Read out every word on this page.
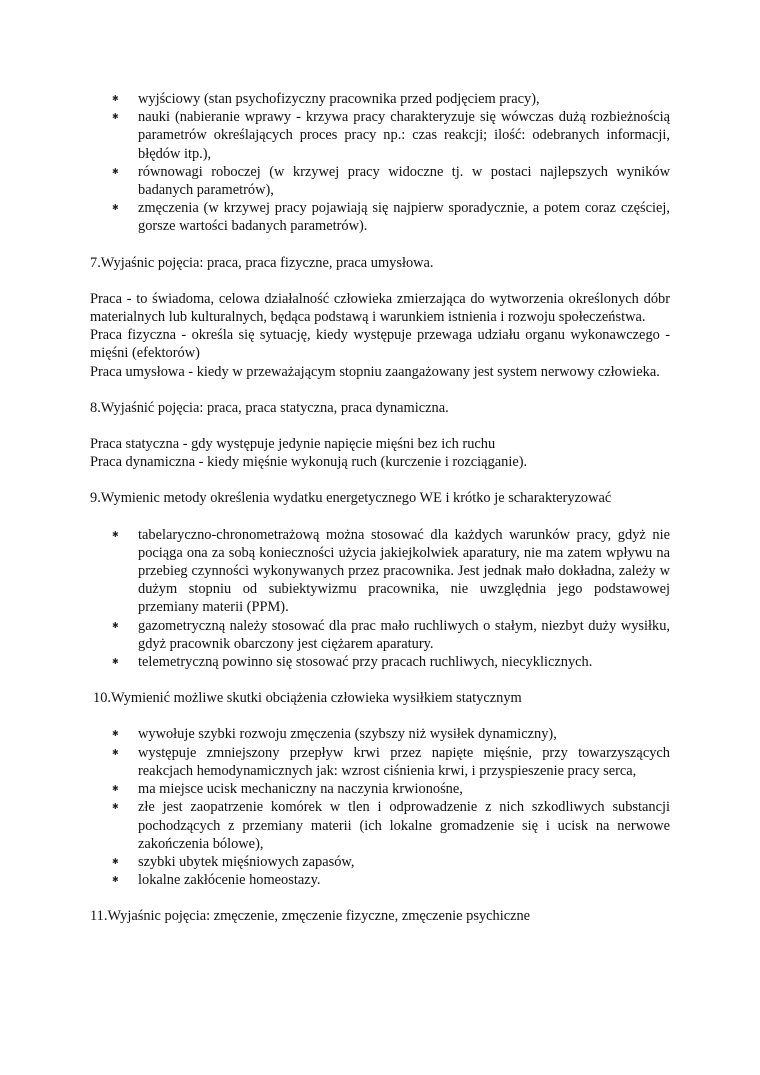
✱ wyjściowy (stan psychofizyczny pracownika przed podjęciem pracy),
✱ nauki (nabieranie wprawy - krzywa pracy charakteryzuje się wówczas dużą rozbieżnością parametrów określających proces pracy np.: czas reakcji; ilość: odebranych informacji, błędów itp.),
✱ równowagi roboczej (w krzywej pracy widoczne tj. w postaci najlepszych wyników badanych parametrów),
✱ zmęczenia (w krzywej pracy pojawiają się najpierw sporadycznie, a potem coraz częściej, gorsze wartości badanych parametrów).

7.Wyjaśnic pojęcia: praca, praca fizyczne, praca umysłowa.

Praca - to świadoma, celowa działalność człowieka zmierzająca do wytworzenia określonych dóbr materialnych lub kulturalnych, będąca podstawą i warunkiem istnienia i rozwoju społeczeństwa.

Praca fizyczna - określa się sytuację, kiedy występuje przewaga udziału organu wykonawczego - mięśni (efektorów)

Praca umysłowa - kiedy w przeważającym stopniu zaangażowany jest system nerwowy człowieka.

8.Wyjaśnić pojęcia: praca, praca statyczna, praca dynamiczna.

Praca statyczna - gdy występuje jedynie napięcie mięśni bez ich ruchu

Praca dynamiczna - kiedy mięśnie wykonują ruch (kurczenie i rozciąganie).

9.Wymienic metody określenia wydatku energetycznego WE i krótko je scharakteryzować

✱ tabelaryczno-chronometrażową można stosować dla każdych warunków pracy, gdyż nie pociąga ona za sobą konieczności użycia jakiejkolwiek aparatury, nie ma zatem wpływu na przebieg czynności wykonywanych przez pracownika. Jest jednak mało dokładna, zależy w dużym stopniu od subiektywizmu pracownika, nie uwzględnia jego podstawowej przemiany materii (PPM).
✱ gazometryczną należy stosować dla prac mało ruchliwych o stałym, niezbyt duży wysiłku, gdyż pracownik obarczony jest ciężarem aparatury.
✱ telemetryczną powinno się stosować przy pracach ruchliwych, niecyklicznych.

10.Wymienić możliwe skutki obciążenia człowieka wysiłkiem statycznym

✱ wywołuje szybki rozwoju zmęczenia (szybszy niż wysiłek dynamiczny),
✱ występuje zmniejszony przepływ krwi przez napięte mięśnie, przy towarzyszących reakcjach hemodynamicznych jak: wzrost ciśnienia krwi, i przyspieszenie pracy serca,
✱ ma miejsce ucisk mechaniczny na naczynia krwionośne,
✱ złe jest zaopatrzenie komórek w tlen i odprowadzenie z nich szkodliwych substancji pochodzących z przemiany materii (ich lokalne gromadzenie się i ucisk na nerwowe zakończenia bólowe),
✱ szybki ubytek mięśniowych zapasów,
✱ lokalne zakłócenie homeostazy.

11.Wyjaśnic pojęcia: zmęczenie, zmęczenie fizyczne, zmęczenie psychiczne
